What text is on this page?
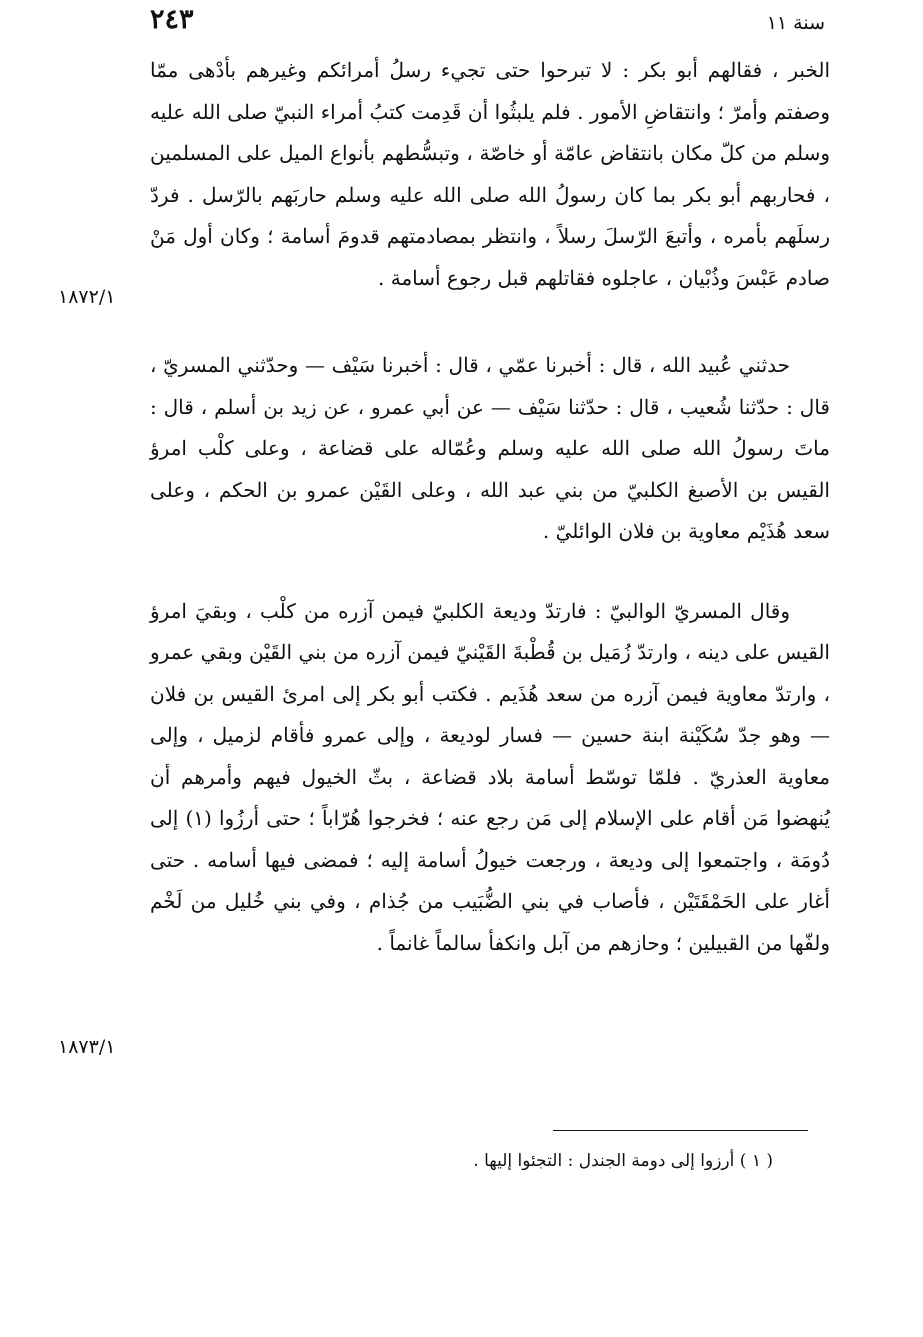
٢٤٣	سنة ١١

الخبر ، فقالهم أبو بكر : لا تبرحوا حتى تجيء رسلُ أمرائكم وغيرهم بأدْهى ممّا وصفتم وأمرّ ؛ وانتقاضِ الأمور . فلم يلبثُوا أن قَدِمت كتبُ أمراء النبيّ صلى الله عليه وسلم من كلّ مكان بانتقاض عامّة أو خاصّة ، وتبسُّطهم بأنواع الميل على المسلمين ، فحاربهم أبو بكر بما كان رسولُ الله صلى الله عليه وسلم حاربَهم بالرّسل . فردّ رسلَهم بأمره ، وأتبعَ الرّسلَ رسلاً ، وانتظر بمصادمتهم قدومَ أسامة ؛ وكان أول مَنْ صادم عَبْسَ وذُبْيان ، عاجلوه فقاتلهم قبل رجوع أسامة .

حدثني عُبيد الله ، قال : أخبرنا عمّي ، قال : أخبرنا سَيْف — وحدّثني المسريّ ، قال : حدّثنا شُعيب ، قال : حدّثنا سَيْف — عن أبي عمرو ، عن زيد بن أسلم ، قال : ماتَ رسولُ الله صلى الله عليه وسلم وعُمّاله على قضاعة ، وعلى كلْب امرؤ القيس بن الأصبغ الكلبيّ من بني عبد الله ، وعلى القَيْن عمرو بن الحكم ، وعلى سعد هُذَيْم معاوية بن فلان الوائليّ .

وقال المسريّ الوالبيّ : فارتدّ وديعة الكلبيّ فيمن آزره من كلْب ، وبقيَ امرؤ القيس على دينه ، وارتدّ زُمَيل بن قُطْبةَ القَيْنيّ فيمن آزره من بني القَيْن وبقي عمرو ، وارتدّ معاوية فيمن آزره من سعد هُذَيم . فكتب أبو بكر إلى امرئ القيس بن فلان — وهو جدّ سُكَيْنة ابنة حسين — فسار لوديعة ، وإلى عمرو فأقام لزميل ، وإلى معاوية العذريّ . فلمّا توسّط أسامة بلاد قضاعة ، بثّ الخيول فيهم وأمرهم أن يُنهضوا مَن أقام على الإسلام إلى مَن رجع عنه ؛ فخرجوا هُرّاباً ؛ حتى أرزُوا (١) إلى دُومَة ، واجتمعوا إلى وديعة ، ورجعت خيولُ أسامة إليه ؛ فمضى فيها أسامه . حتى أغار على الحَمْقَتَيْن ، فأصاب في بني الضُّبَيب من جُذام ، وفي بني خُليل من لَخْم ولفّها من القبيلين ؛ وحازهم من آبل وانكفأ سالماً غانماً .

١٨٧٢/١
١٨٧٣/١
( ١ ) أرزوا إلى دومة الجندل : التجئوا إليها .
